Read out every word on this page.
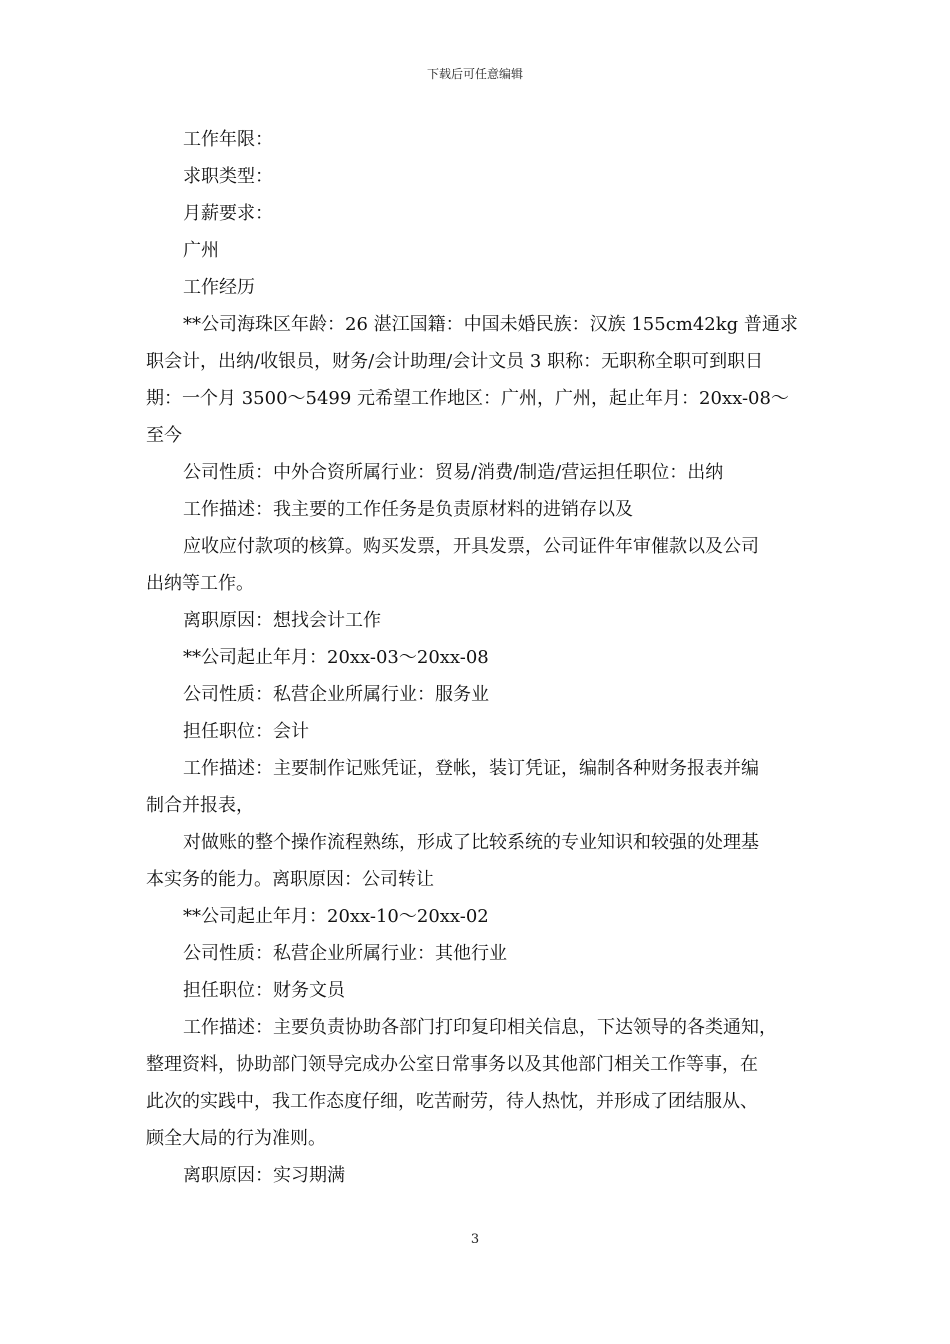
下载后可任意编辑
工作年限：
求职类型：
月薪要求：
广州
工作经历
**公司海珠区年龄：26 湛江国籍：中国未婚民族：汉族 155cm42kg 普通求
职会计，出纳/收银员，财务/会计助理/会计文员 3 职称：无职称全职可到职日
期：一个月 3500～5499 元希望工作地区：广州，广州，起止年月：20xx-08～
至今
公司性质：中外合资所属行业：贸易/消费/制造/营运担任职位：出纳
工作描述：我主要的工作任务是负责原材料的进销存以及
应收应付款项的核算。购买发票，开具发票，公司证件年审催款以及公司
出纳等工作。
离职原因：想找会计工作
**公司起止年月：20xx-03～20xx-08
公司性质：私营企业所属行业：服务业
担任职位：会计
工作描述：主要制作记账凭证，登帐，装订凭证，编制各种财务报表并编
制合并报表，
对做账的整个操作流程熟练，形成了比较系统的专业知识和较强的处理基
本实务的能力。离职原因：公司转让
**公司起止年月：20xx-10～20xx-02
公司性质：私营企业所属行业：其他行业
担任职位：财务文员
工作描述：主要负责协助各部门打印复印相关信息，下达领导的各类通知，
整理资料，协助部门领导完成办公室日常事务以及其他部门相关工作等事，在
此次的实践中，我工作态度仔细，吃苦耐劳，待人热忱，并形成了团结服从、
顾全大局的行为准则。
离职原因：实习期满
3
